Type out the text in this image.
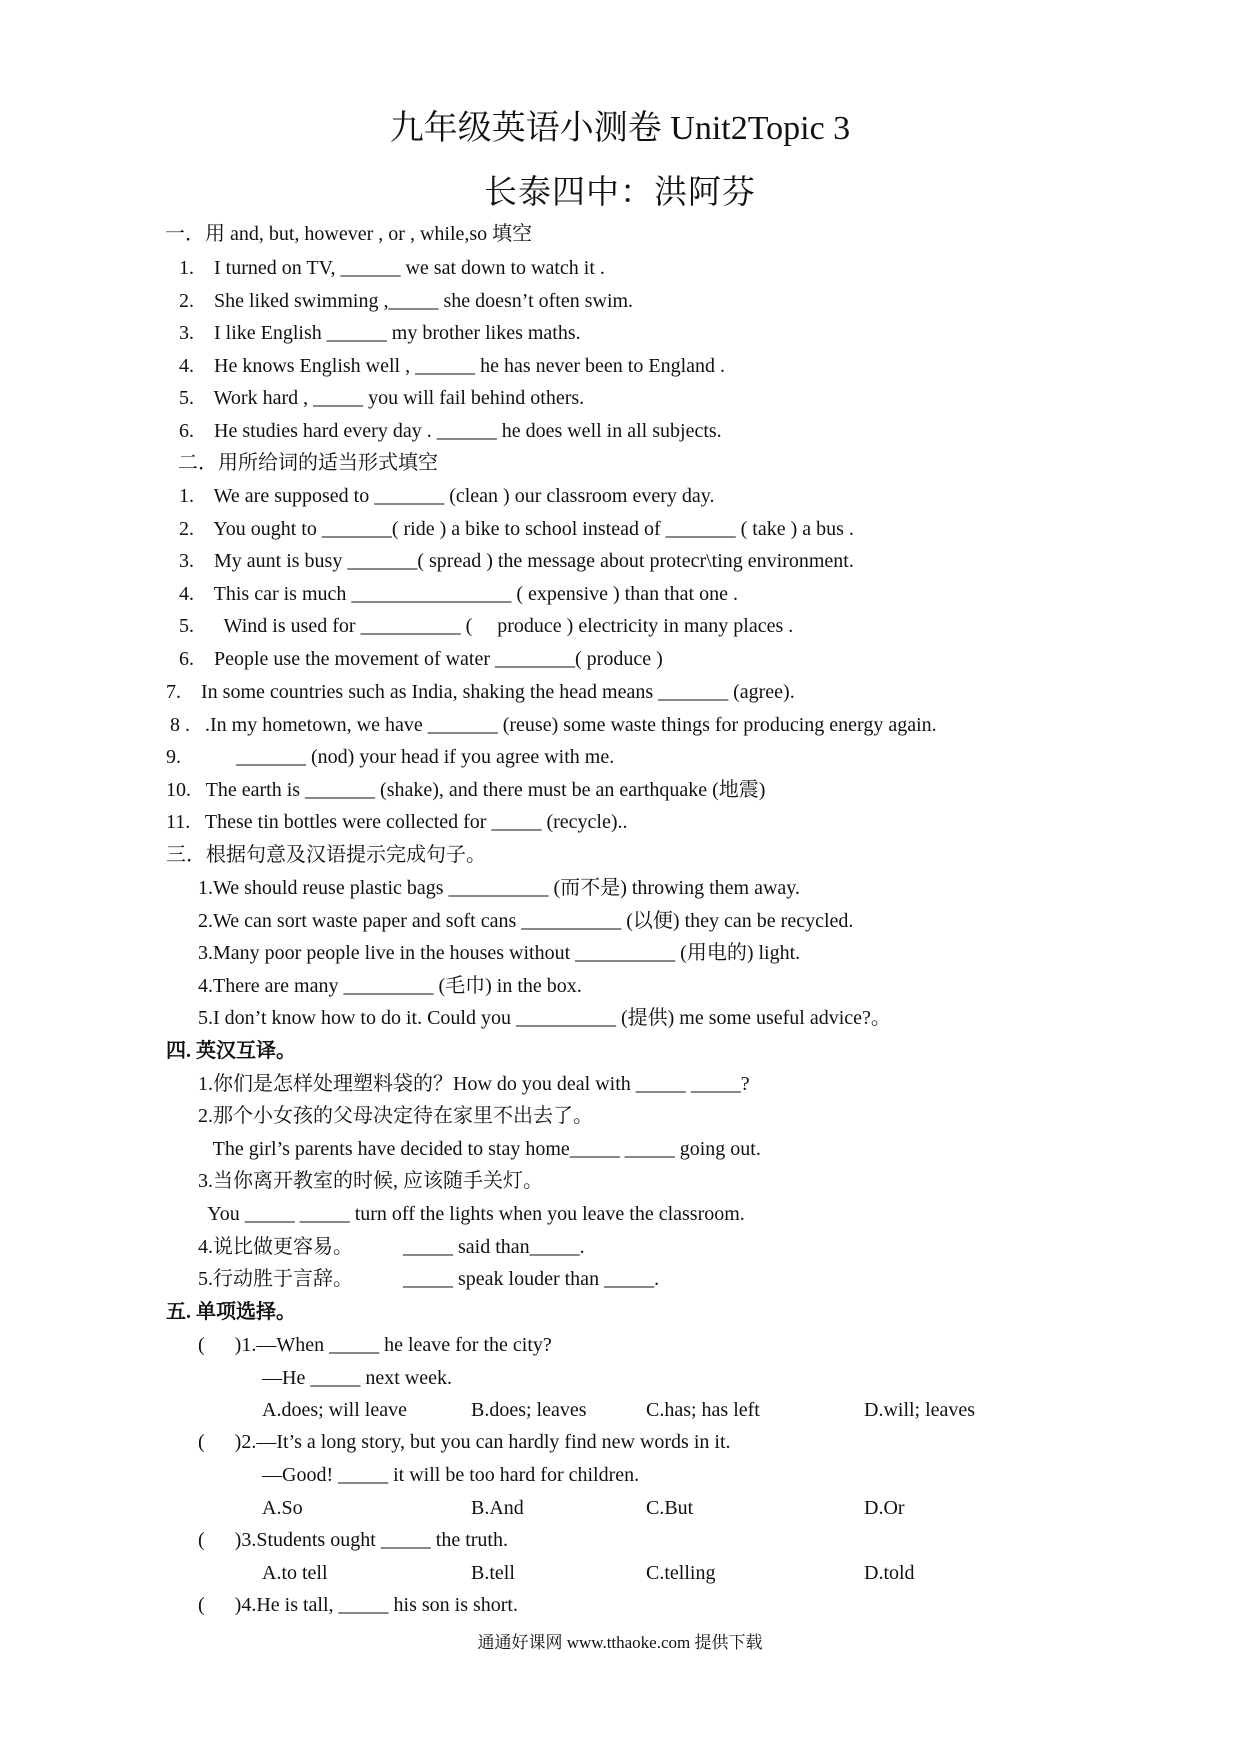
九年级英语小测卷 Unit2Topic 3
长泰四中：洪阿芬
一．用 and, but, however , or , while,so 填空
1.    I turned on TV, ______ we sat down to watch it .
2.    She liked swimming ,_____ she doesn’t often swim.
3.    I like English ______ my brother likes maths.
4.    He knows English well , ______ he has never been to England .
5.    Work hard , _____ you will fail behind others.
6.    He studies hard every day . ______ he does well in all subjects.
二．用所给词的适当形式填空
1.    We are supposed to _______ (clean ) our classroom every day.
2.    You ought to _______( ride ) a bike to school instead of _______ ( take ) a bus .
3.    My aunt is busy _______( spread ) the message about protecr\ting environment.
4.    This car is much ________________ ( expensive ) than that one .
5.      Wind is used for __________ (     produce ) electricity in many places .
6.    People use the movement of water ________( produce )
7.    In some countries such as India, shaking the head means _______ (agree).
8 .   .In my hometown, we have _______ (reuse) some waste things for producing energy again.
9.           _______ (nod) your head if you agree with me.
10.   The earth is _______ (shake), and there must be an earthquake (地震)
11.   These tin bottles were collected for _____ (recycle)..
三．根据句意及汉语提示完成句子。
1.We should reuse plastic bags __________ (而不是) throwing them away.
2.We can sort waste paper and soft cans __________ (以便) they can be recycled.
3.Many poor people live in the houses without __________ (用电的) light.
4.There are many _________ (毛巾) in the box.
5.I don’t know how to do it. Could you __________ (提供) me some useful advice?。
四. 英汉互译。
1.你们是怎样处理塑料袋的？How do you deal with _____ _____?
2.那个小女孩的父母决定待在家里不出去了。
The girl’s parents have decided to stay home_____ _____ going out.
3.当你离开教室的时候, 应该随手关灯。
You _____ _____ turn off the lights when you leave the classroom.
4.说比做更容易。          _____ said than_____.
5.行动胜于言辞。          _____ speak louder than _____.
五. 单项选择。
(      )1.—When _____ he leave for the city?
—He _____ next week.
A.does; will leave	B.does; leaves	C.has; has left	D.will; leaves
(      )2.—It’s a long story, but you can hardly find new words in it.
—Good! _____ it will be too hard for children.
A.So	B.And	C.But	D.Or
(      )3.Students ought _____ the truth.
A.to tell	B.tell	C.telling	D.told
(      )4.He is tall, _____ his son is short.
通通好课网 www.tthaoke.com 提供下载
